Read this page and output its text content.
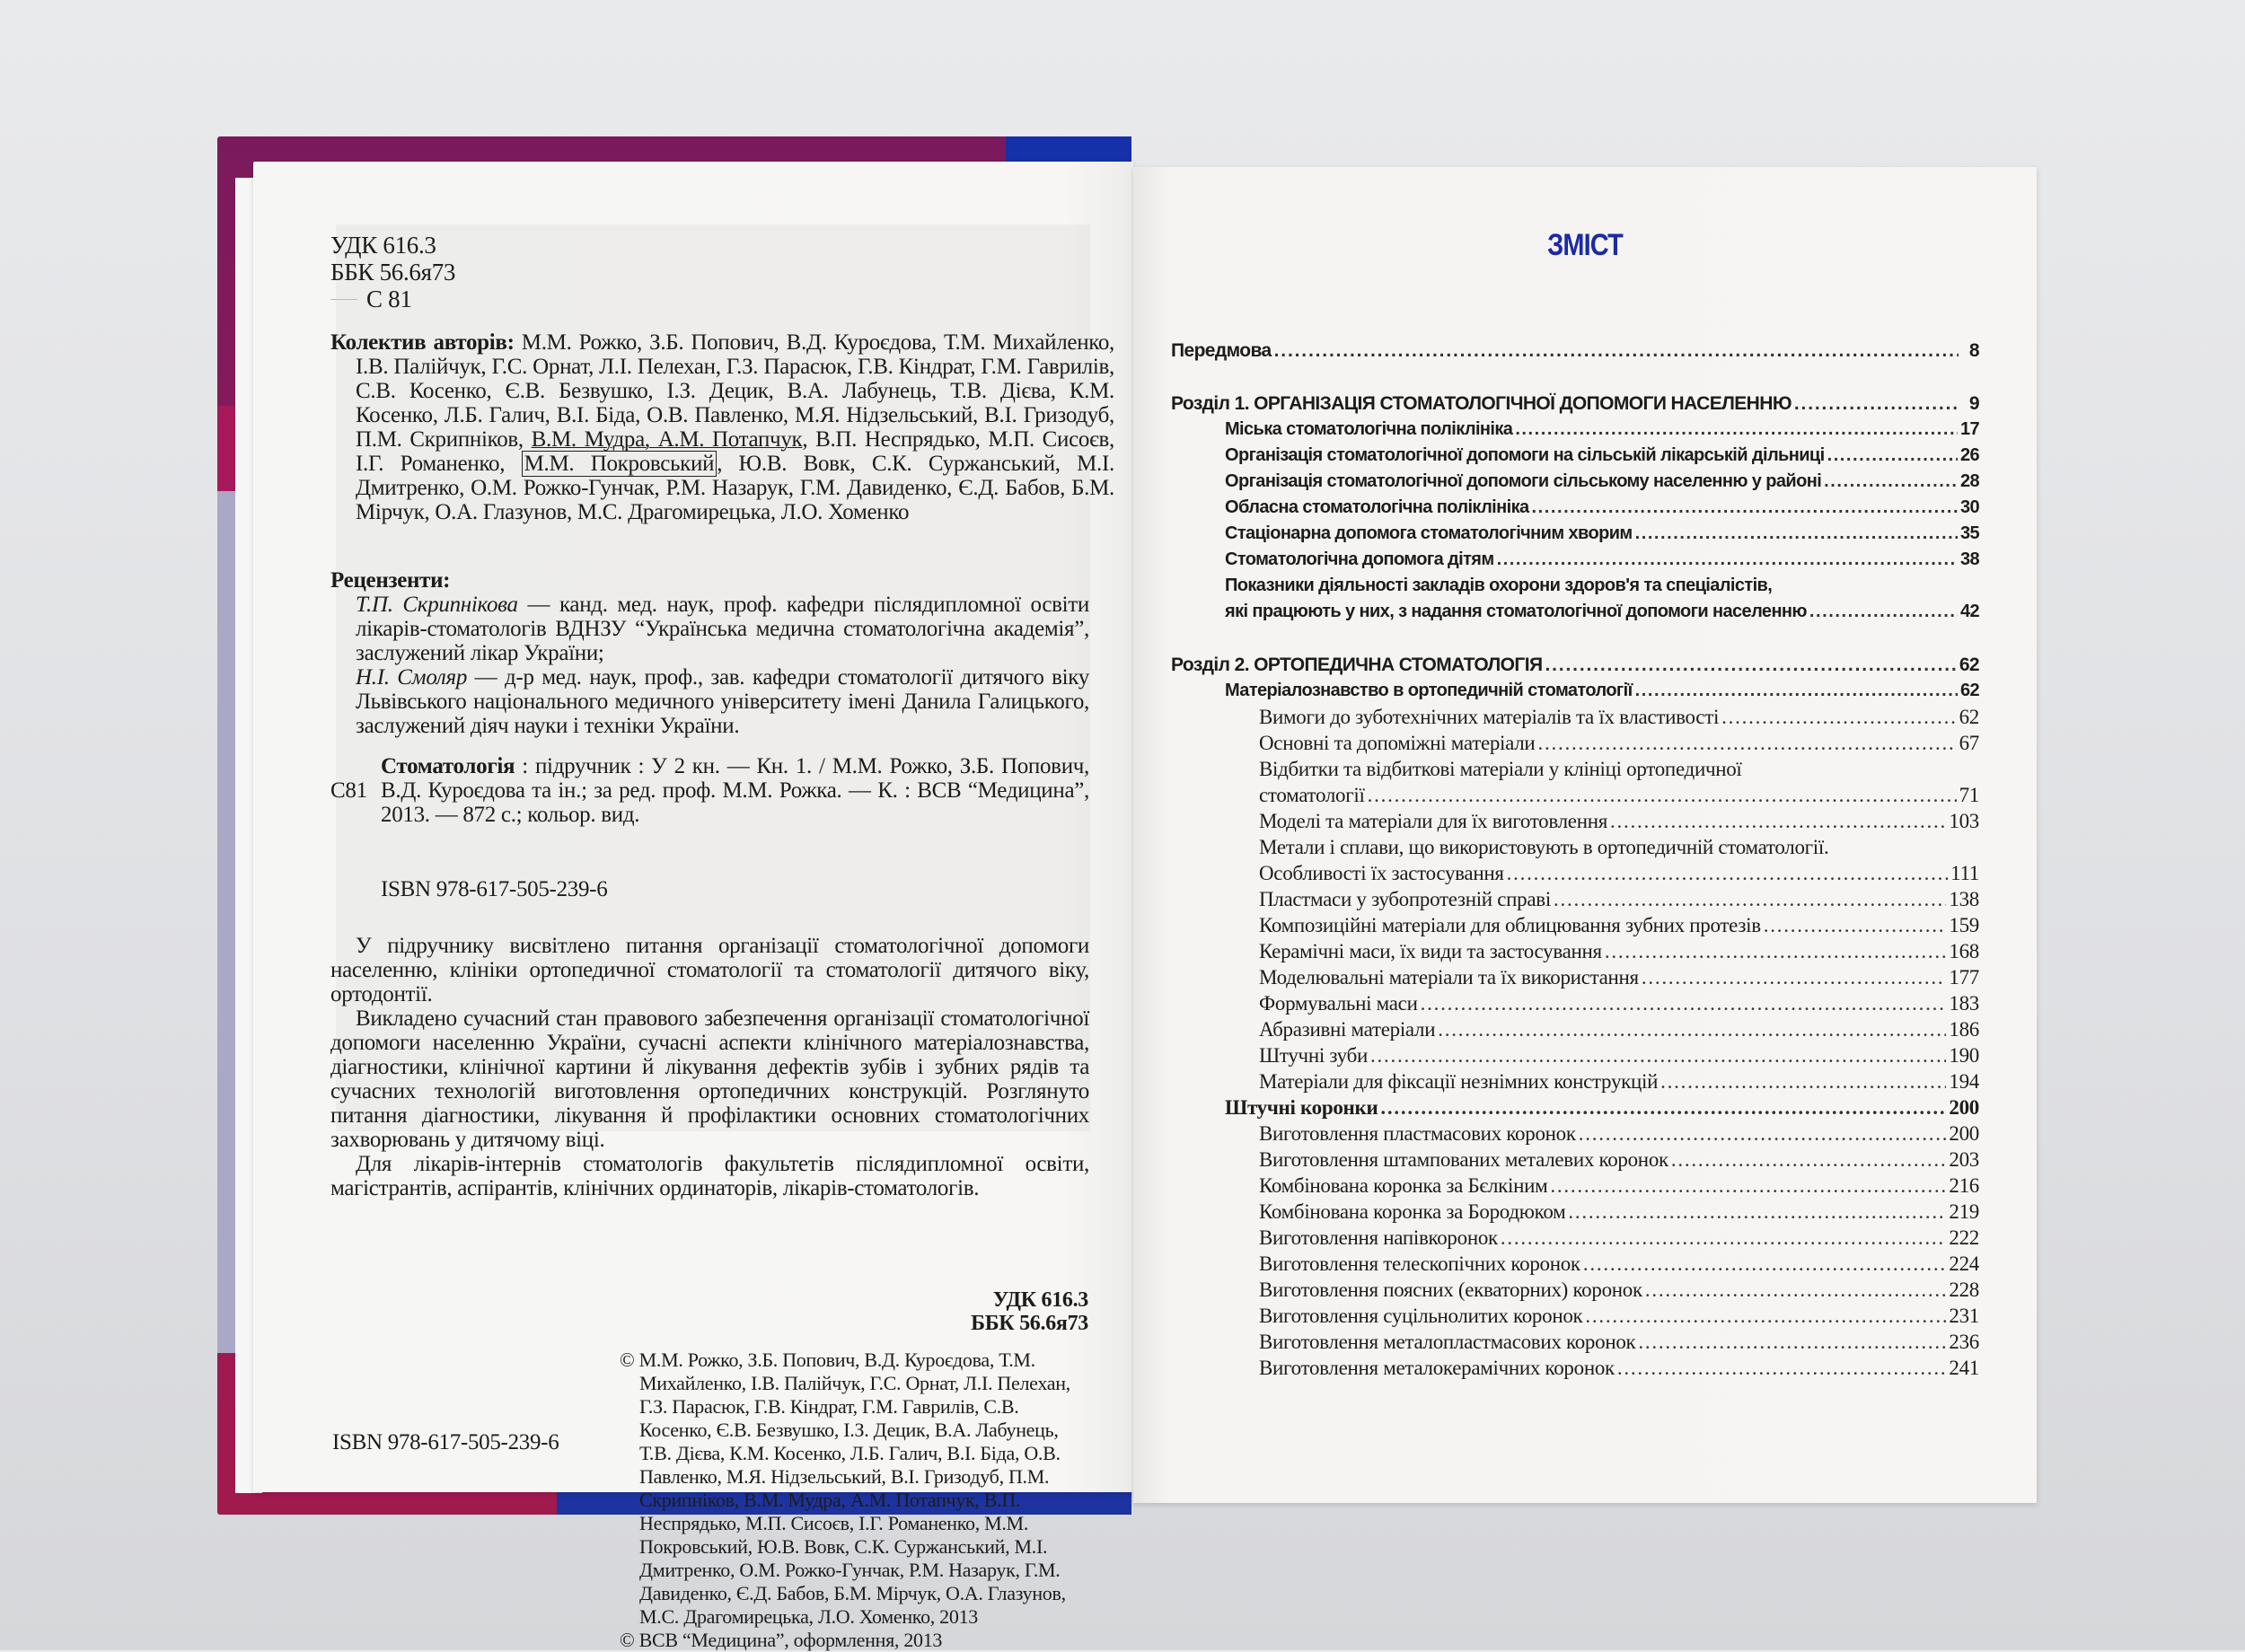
УДК 616.3
ББК 56.6я73
С 81
Колектив авторів: М.М. Рожко, З.Б. Попович, В.Д. Куроєдова, Т.М. Михайленко, І.В. Палійчук, Г.С. Орнат, Л.І. Пелехан, Г.З. Парасюк, Г.В. Кіндрат, Г.М. Гаврилів, С.В. Косенко, Є.В. Безвушко, І.З. Децик, В.А. Лабунець, Т.В. Дієва, К.М. Косенко, Л.Б. Галич, В.І. Біда, О.В. Павленко, М.Я. Нідзельський, В.І. Гризодуб, П.М. Скрипніков, В.М. Мудра, А.М. Потапчук, В.П. Неспрядько, М.П. Сисоєв, І.Г. Романенко, М.М. Покровський , Ю.В. Вовк, С.К. Суржанський, М.І. Дмитренко, О.М. Рожко-Гунчак, Р.М. Назарук, Г.М. Давиденко, Є.Д. Бабов, Б.М. Мірчук, О.А. Глазунов, М.С. Драгомирецька, Л.О. Хоменко
Рецензенти:
Т.П. Скрипнікова — канд. мед. наук, проф. кафедри післядипломної освіти лікарів-стоматологів ВДНЗУ “Українська медична стоматологічна академія”, заслужений лікар України;
Н.І. Смоляр — д-р мед. наук, проф., зав. кафедри стоматології дитячого віку Львівського національного медичного університету імені Данила Галицького, заслужений діяч науки і техніки України.
С81
Стоматологія : підручник : У 2 кн. — Кн. 1. / М.М. Рожко, З.Б. Попович, В.Д. Куроєдова та ін.; за ред. проф. М.М. Рожка. — К. : ВСВ “Медицина”, 2013. — 872 с.; кольор. вид.
ISBN 978-617-505-239-6

У підручнику висвітлено питання організації стоматологічної допомоги населенню, клініки ортопедичної стоматології та стоматології дитячого віку, ортодонтії.

Викладено сучасний стан правового забезпечення організації стоматологічної допомоги населенню України, сучасні аспекти клінічного матеріалознавства, діагностики, клінічної картини й лікування дефектів зубів і зубних рядів та сучасних технологій виготовлення ортопедичних конструкцій. Розглянуто питання діагностики, лікування й профілактики основних стоматологічних захворювань у дитячому віці.

Для лікарів-інтернів стоматологів факультетів післядипломної освіти, магістрантів, аспірантів, клінічних ординаторів, лікарів-стоматологів.

УДК 616.3
ББК 56.6я73
© М.М. Рожко, З.Б. Попович, В.Д. Куроєдова, Т.М. Михайленко, І.В. Палійчук, Г.С. Орнат, Л.І. Пелехан, Г.З. Парасюк, Г.В. Кіндрат, Г.М. Гаврилів, С.В. Косенко, Є.В. Безвушко, І.З. Децик, В.А. Лабунець, Т.В. Дієва, К.М. Косенко, Л.Б. Галич, В.І. Біда, О.В. Павленко, М.Я. Нідзельський, В.І. Гризодуб, П.М. Скрипніков, В.М. Мудра, А.М. Потапчук, В.П. Неспрядько, М.П. Сисоєв, І.Г. Романенко, М.М. Покровський, Ю.В. Вовк, С.К. Суржанський, М.І. Дмитренко, О.М. Рожко-Гунчак, Р.М. Назарук, Г.М. Давиденко, Є.Д. Бабов, Б.М. Мірчук, О.А. Глазунов, М.С. Драгомирецька, Л.О. Хоменко, 2013
© ВСВ “Медицина”, оформлення, 2013
ISBN 978-617-505-239-6
ЗМІСТ
Передмова . . .	8
Розділ 1. ОРГАНІЗАЦІЯ СТОМАТОЛОГІЧНОЇ ДОПОМОГИ НАСЕЛЕННЮ . . .	9
Міська стоматологічна поліклініка . . .	17
Організація стоматологічної допомоги на сільській лікарській дільниці . . .	26
Організація стоматологічної допомоги сільському населенню у районі . . .	28
Обласна стоматологічна поліклініка . . .	30
Стаціонарна допомога стоматологічним хворим . . .	35
Стоматологічна допомога дітям . . .	38
Показники діяльності закладів охорони здоров'я та спеціалістів,
які працюють у них, з надання стоматологічної допомоги населенню . . .	42
Розділ 2. ОРТОПЕДИЧНА СТОМАТОЛОГІЯ . . .	62
Матеріалознавство в ортопедичній стоматології . . .	62
Вимоги до зуботехнічних матеріалів та їх властивості . . .	62
Основні та допоміжні матеріали . . .	67
Відбитки та відбиткові матеріали у клініці ортопедичної
стоматології . . .	71
Моделі та матеріали для їх виготовлення . . .	103
Метали і сплави, що використовують в ортопедичній стоматології.
Особливості їх застосування . . .	111
Пластмаси у зубопротезній справі . . .	138
Композиційні матеріали для облицювання зубних протезів . . .	159
Керамічні маси, їх види та застосування . . .	168
Моделювальні матеріали та їх використання . . .	177
Формувальні маси . . .	183
Абразивні матеріали . . .	186
Штучні зуби . . .	190
Матеріали для фіксації незнімних конструкцій . . .	194
Штучні коронки . . .	200
Виготовлення пластмасових коронок . . .	200
Виготовлення штампованих металевих коронок . . .	203
Комбінована коронка за Бєлкіним . . .	216
Комбінована коронка за Бородюком . . .	219
Виготовлення напівкоронок . . .	222
Виготовлення телескопічних коронок . . .	224
Виготовлення поясних (екваторних) коронок . . .	228
Виготовлення суцільнолитих коронок . . .	231
Виготовлення металопластмасових коронок . . .	236
Виготовлення металокерамічних коронок . . .	241
